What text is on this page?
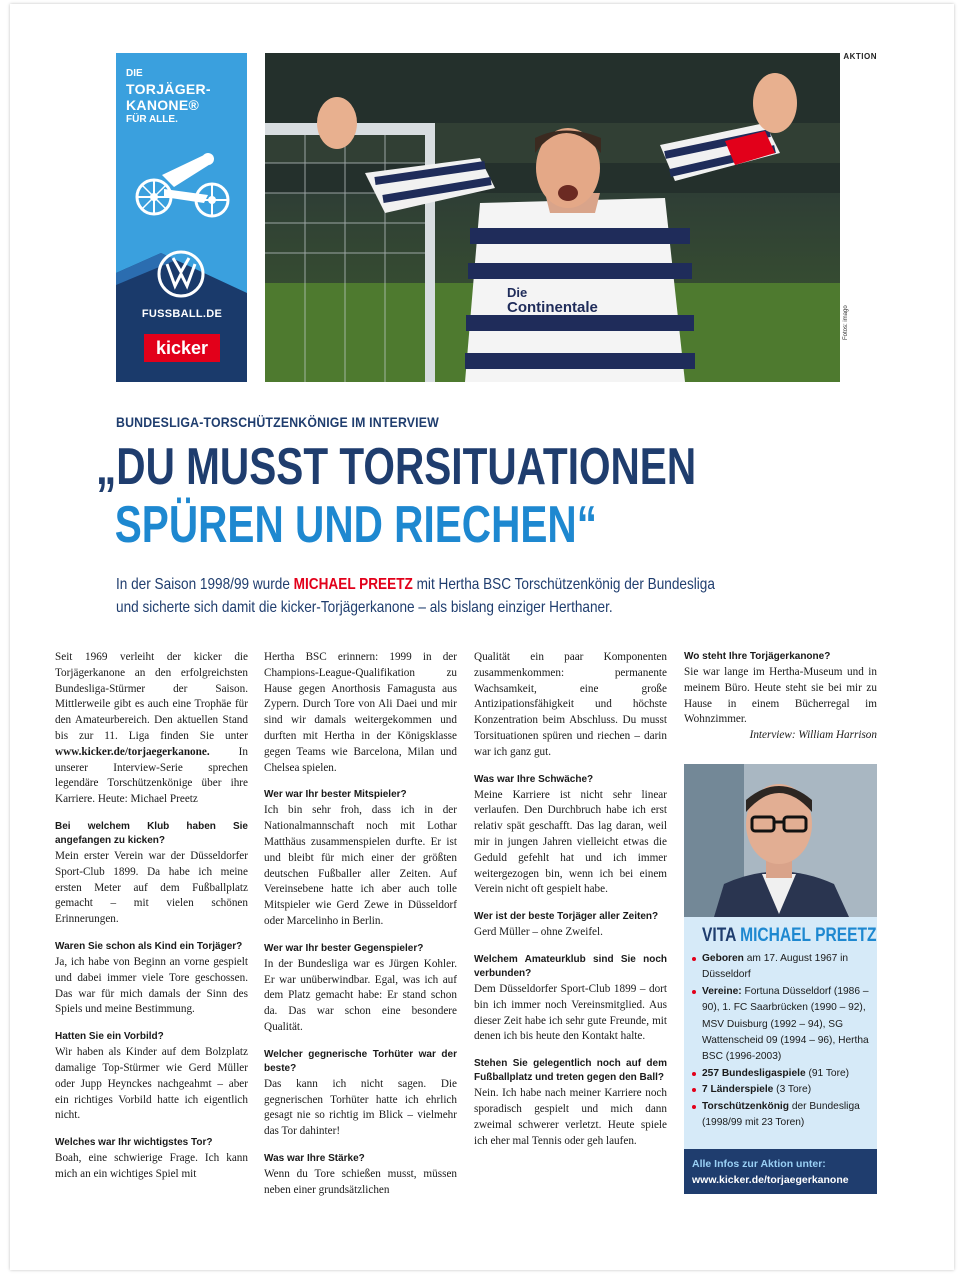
AKTION
DIE
TORJÄGER-
KANONE®
FÜR ALLE.
FUSSBALL.DE
kicker
Die
Continentale	Fotos: imago
BUNDESLIGA-TORSCHÜTZENKÖNIGE IM INTERVIEW
„DU MUSST TORSITUATIONEN
SPÜREN UND RIECHEN“
In der Saison 1998/99 wurde MICHAEL PREETZ mit Hertha BSC Torschützenkönig der Bundesliga
und sicherte sich damit die kicker-Torjägerkanone – als bislang einziger Herthaner.

Seit 1969 verleiht der kicker die Torjägerkanone an den erfolgreichsten Bundesliga-Stürmer der Saison. Mittlerweile gibt es auch eine Trophäe für den Amateurbereich. Den aktuellen Stand bis zur 11. Liga finden Sie unter www.kicker.de/torjaegerkanone. In unserer Interview-Serie sprechen legendäre Torschützenkönige über ihre Karriere. Heute: Michael Preetz

Bei welchem Klub haben Sie angefangen zu kicken?
Mein erster Verein war der Düsseldorfer Sport-Club 1899. Da habe ich meine ersten Meter auf dem Fußballplatz gemacht – mit vielen schönen Erinnerungen.

Waren Sie schon als Kind ein Torjäger?
Ja, ich habe von Beginn an vorne gespielt und dabei immer viele Tore geschossen. Das war für mich damals der Sinn des Spiels und meine Bestimmung.

Hatten Sie ein Vorbild?
Wir haben als Kinder auf dem Bolzplatz damalige Top-Stürmer wie Gerd Müller oder Jupp Heynckes nachgeahmt – aber ein richtiges Vorbild hatte ich eigentlich nicht.

Welches war Ihr wichtigstes Tor?
Boah, eine schwierige Frage. Ich kann mich an ein wichtiges Spiel mit

Hertha BSC erinnern: 1999 in der Champions-League-Qualifikation zu Hause gegen Anorthosis Famagusta aus Zypern. Durch Tore von Ali Daei und mir sind wir damals weitergekommen und durften mit Hertha in der Königsklasse gegen Teams wie Barcelona, Milan und Chelsea spielen.

Wer war Ihr bester Mitspieler?
Ich bin sehr froh, dass ich in der Nationalmannschaft noch mit Lothar Matthäus zusammenspielen durfte. Er ist und bleibt für mich einer der größten deutschen Fußballer aller Zeiten. Auf Vereinsebene hatte ich aber auch tolle Mitspieler wie Gerd Zewe in Düsseldorf oder Marcelinho in Berlin.

Wer war Ihr bester Gegenspieler?
In der Bundesliga war es Jürgen Kohler. Er war unüberwindbar. Egal, was ich auf dem Platz gemacht habe: Er stand schon da. Das war schon eine besondere Qualität.

Welcher gegnerische Torhüter war der beste?
Das kann ich nicht sagen. Die gegnerischen Torhüter hatte ich ehrlich gesagt nie so richtig im Blick – vielmehr das Tor dahinter!

Was war Ihre Stärke?
Wenn du Tore schießen musst, müssen neben einer grundsätzlichen

Qualität ein paar Komponenten zusammenkommen: permanente Wachsamkeit, eine große Antizipationsfähigkeit und höchste Konzentration beim Abschluss. Du musst Torsituationen spüren und riechen – darin war ich ganz gut.

Was war Ihre Schwäche?
Meine Karriere ist nicht sehr linear verlaufen. Den Durchbruch habe ich erst relativ spät geschafft. Das lag daran, weil mir in jungen Jahren vielleicht etwas die Geduld gefehlt hat und ich immer weitergezogen bin, wenn ich bei einem Verein nicht oft gespielt habe.

Wer ist der beste Torjäger aller Zeiten?
Gerd Müller – ohne Zweifel.

Welchem Amateurklub sind Sie noch verbunden?
Dem Düsseldorfer Sport-Club 1899 – dort bin ich immer noch Vereinsmitglied. Aus dieser Zeit habe ich sehr gute Freunde, mit denen ich bis heute den Kontakt halte.

Stehen Sie gelegentlich noch auf dem Fußballplatz und treten gegen den Ball?
Nein. Ich habe nach meiner Karriere noch sporadisch gespielt und mich dann zweimal schwerer verletzt. Heute spiele ich eher mal Tennis oder geh laufen.

Wo steht Ihre Torjägerkanone?
Sie war lange im Hertha-Museum und in meinem Büro. Heute steht sie bei mir zu Hause in einem Bücherregal im Wohnzimmer.
Interview: William Harrison

VITA MICHAEL PREETZ
Geboren am 17. August 1967 in Düsseldorf
Vereine: Fortuna Düsseldorf (1986 – 90), 1. FC Saarbrücken (1990 – 92), MSV Duisburg (1992 – 94), SG Wattenscheid 09 (1994 – 96), Hertha BSC (1996-2003)
257 Bundesligaspiele (91 Tore)
7 Länderspiele (3 Tore)
Torschützenkönig der Bundesliga (1998/99 mit 23 Toren)
Alle Infos zur Aktion unter:
www.kicker.de/torjaegerkanone
